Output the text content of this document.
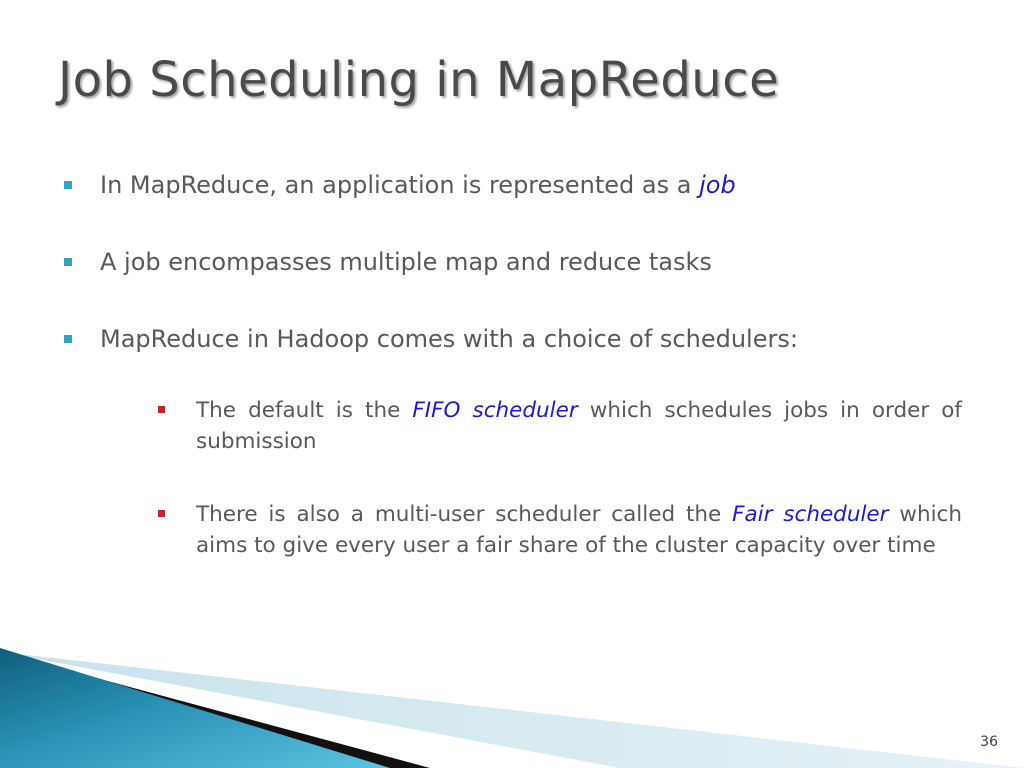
Job Scheduling in MapReduce
In MapReduce, an application is represented as a job
A job encompasses multiple map and reduce tasks
MapReduce in Hadoop comes with a choice of schedulers:
The default is the FIFO scheduler which schedules jobs in order of submission
There is also a multi-user scheduler called the Fair scheduler which aims to give every user a fair share of the cluster capacity over time
36
